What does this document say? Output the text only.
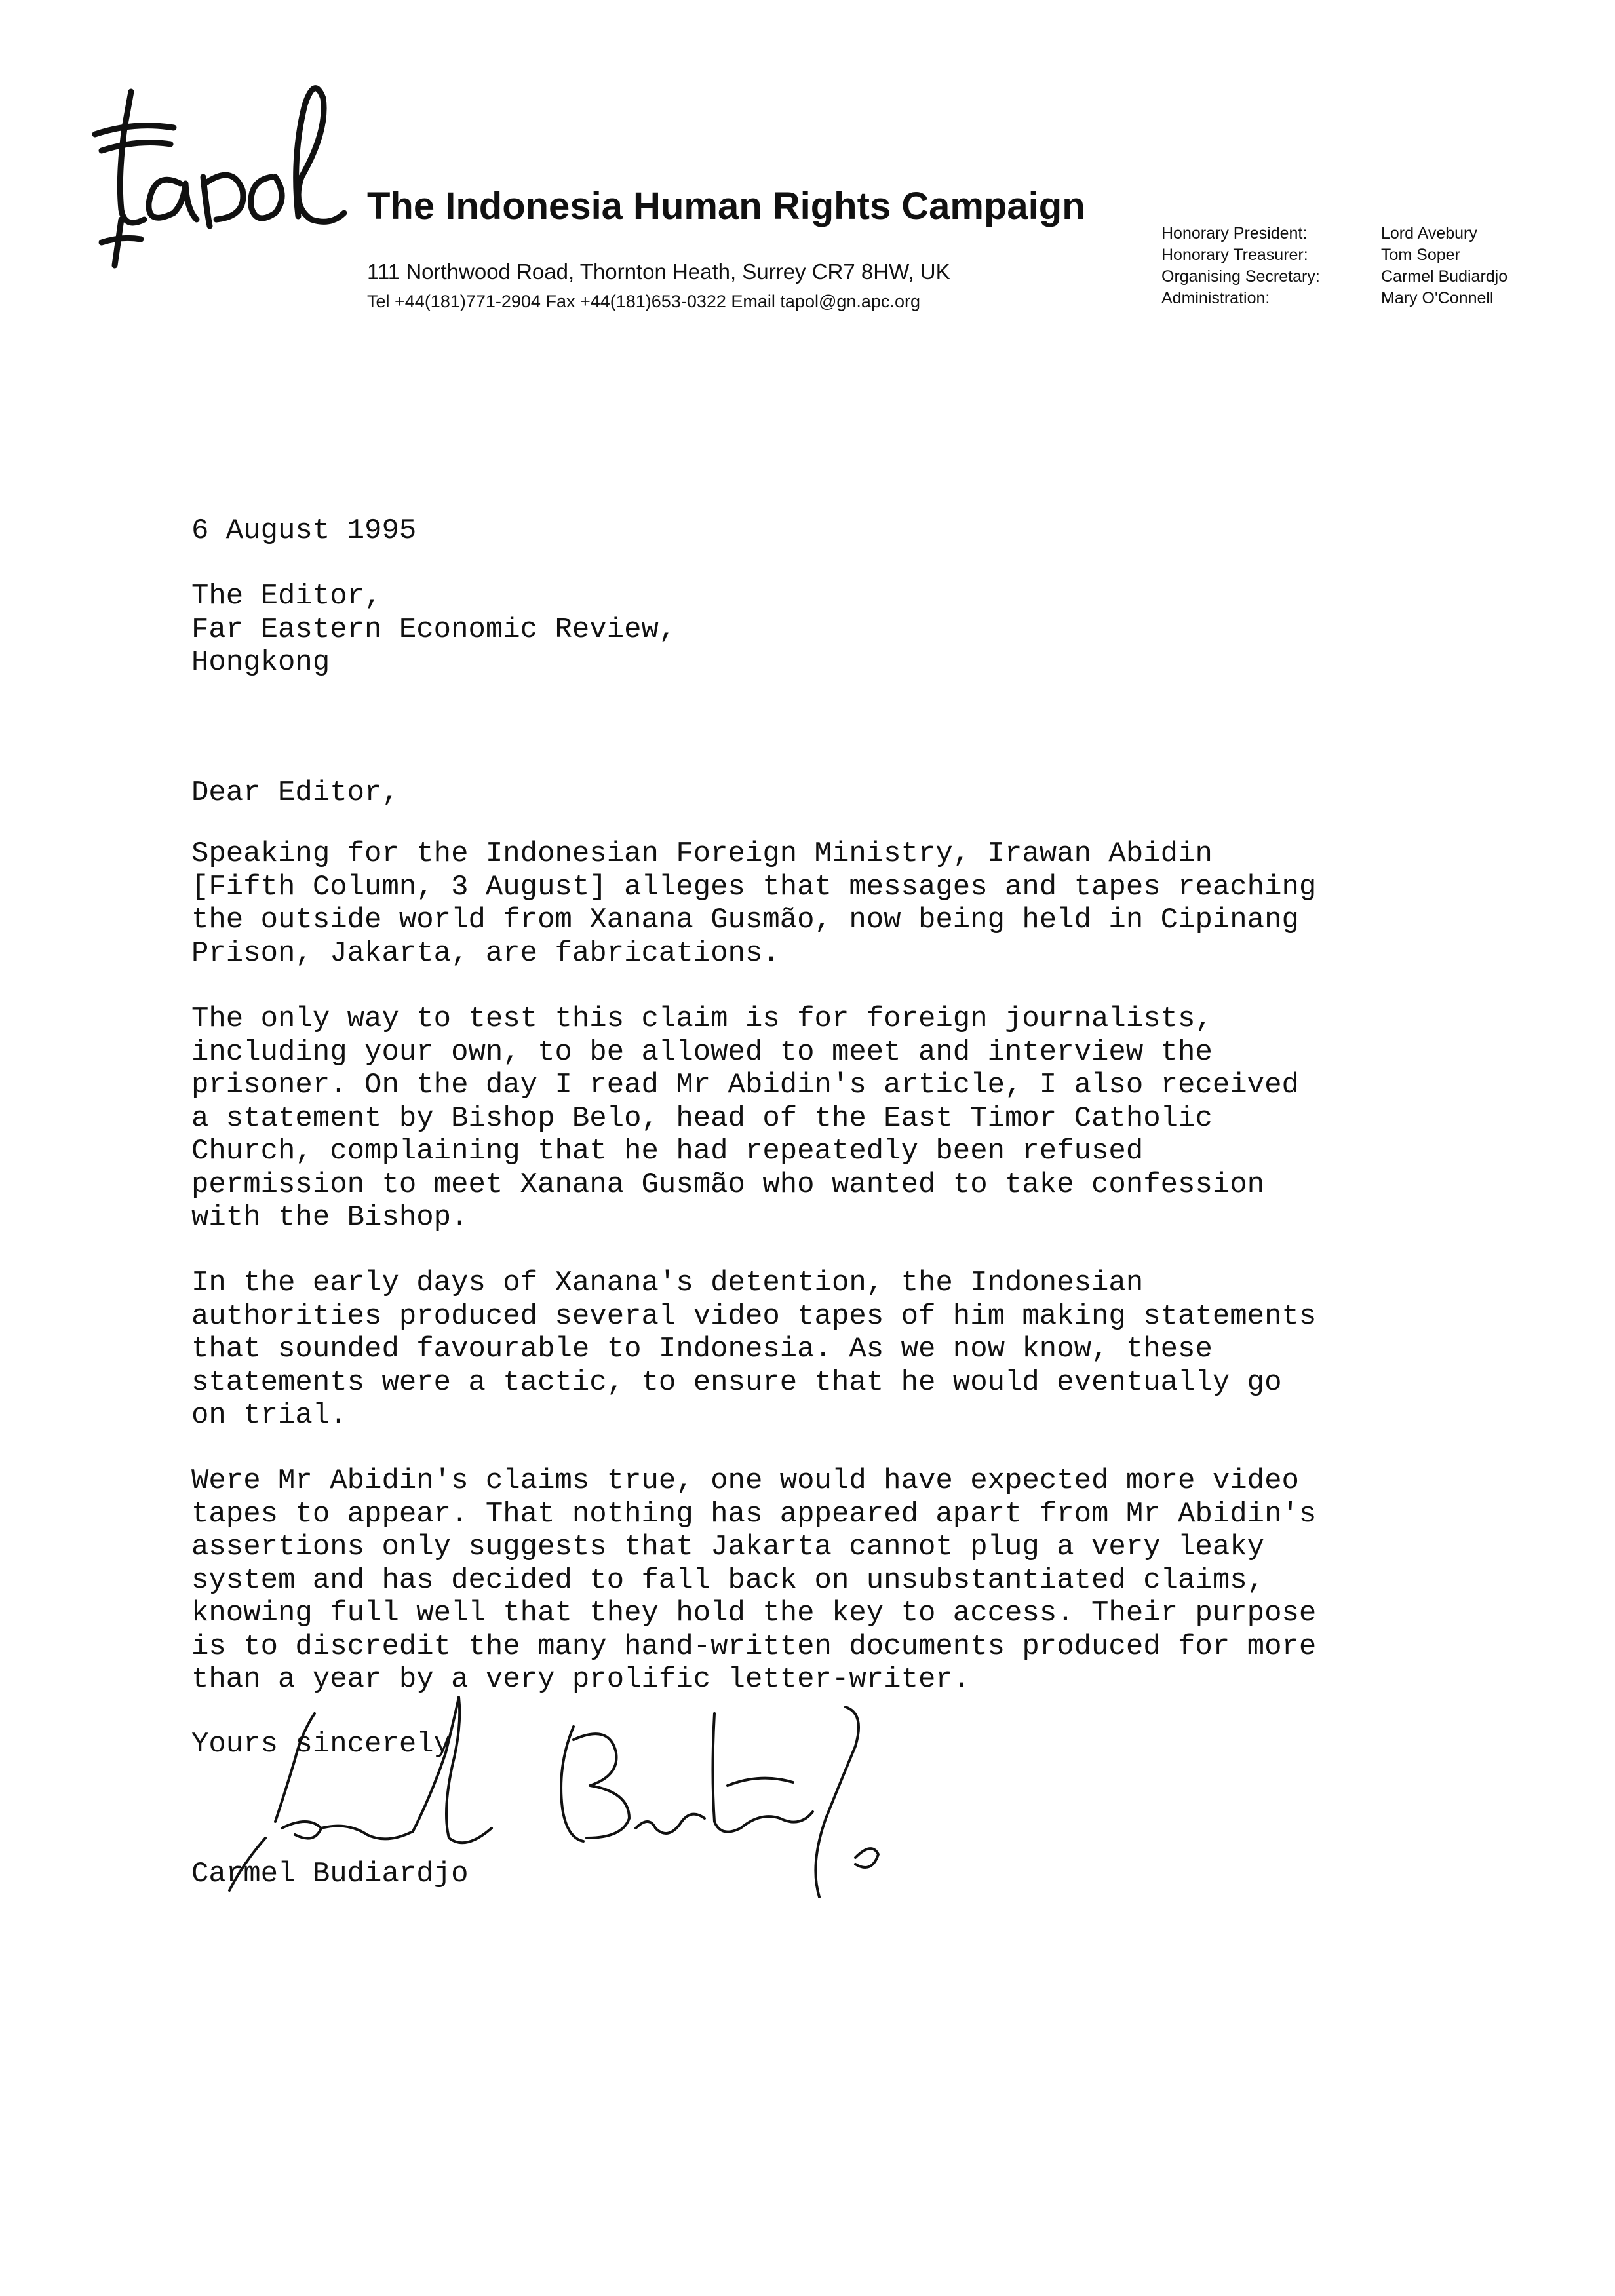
The Indonesia Human Rights Campaign
111 Northwood Road, Thornton Heath, Surrey CR7 8HW, UK
Tel +44(181)771-2904 Fax +44(181)653-0322 Email tapol@gn.apc.org
Honorary President:	Lord Avebury
Honorary Treasurer:	Tom Soper
Organising Secretary:	Carmel Budiardjo
Administration:	Mary O'Connell
6 August 1995
The Editor,
Far Eastern Economic Review,
Hongkong
Dear Editor,
Speaking for the Indonesian Foreign Ministry, Irawan Abidin
[Fifth Column, 3 August] alleges that messages and tapes reaching
the outside world from Xanana Gusmão, now being held in Cipinang
Prison, Jakarta, are fabrications.
The only way to test this claim is for foreign journalists,
including your own, to be allowed to meet and interview the
prisoner. On the day I read Mr Abidin's article, I also received
a statement by Bishop Belo, head of the East Timor Catholic
Church, complaining that he had repeatedly been refused
permission to meet Xanana Gusmão who wanted to take confession
with the Bishop.
In the early days of Xanana's detention, the Indonesian
authorities produced several video tapes of him making statements
that sounded favourable to Indonesia. As we now know, these
statements were a tactic, to ensure that he would eventually go
on trial.
Were Mr Abidin's claims true, one would have expected more video
tapes to appear. That nothing has appeared apart from Mr Abidin's
assertions only suggests that Jakarta cannot plug a very leaky
system and has decided to fall back on unsubstantiated claims,
knowing full well that they hold the key to access. Their purpose
is to discredit the many hand-written documents produced for more
than a year by a very prolific letter-writer.
Yours sincerely
Carmel Budiardjo
